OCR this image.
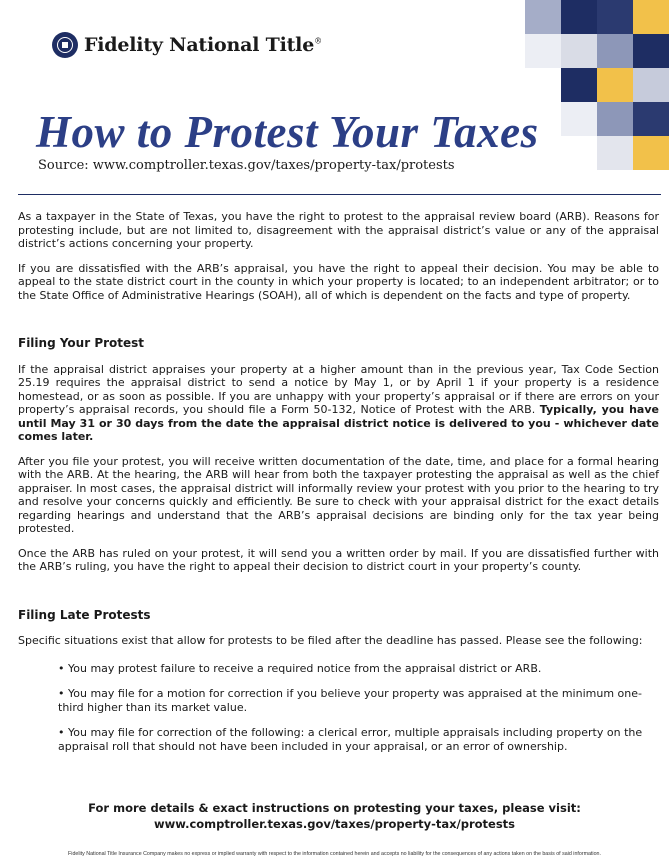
Fidelity National Title®
How to Protest Your Taxes
Source: www.comptroller.texas.gov/taxes/property-tax/protests

As a taxpayer in the State of Texas, you have the right to protest to the appraisal review board (ARB). Reasons for protesting include, but are not limited to, disagreement with the appraisal district’s value or any of the appraisal district’s actions concerning your property.

If you are dissatisfied with the ARB’s appraisal, you have the right to appeal their decision. You may be able to appeal to the state district court in the county in which your property is located; to an independent arbitrator; or to the State Office of Administrative Hearings (SOAH), all of which is dependent on the facts and type of property.

Filing Your Protest

If the appraisal district appraises your property at a higher amount than in the previous year, Tax Code Section 25.19 requires the appraisal district to send a notice by May 1, or by April 1 if your property is a residence homestead, or as soon as possible. If you are unhappy with your property’s appraisal or if there are errors on your property’s appraisal records, you should file a Form 50-132, Notice of Protest with the ARB. Typically, you have until May 31 or 30 days from the date the appraisal district notice is delivered to you - whichever date comes later.

After you file your protest, you will receive written documentation of the date, time, and place for a formal hearing with the ARB. At the hearing, the ARB will hear from both the taxpayer protesting the appraisal as well as the chief appraiser. In most cases, the appraisal district will informally review your protest with you prior to the hearing to try and resolve your concerns quickly and efficiently. Be sure to check with your appraisal district for the exact details regarding hearings and understand that the ARB’s appraisal decisions are binding only for the tax year being protested.

Once the ARB has ruled on your protest, it will send you a written order by mail. If you are dissatisfied further with the ARB’s ruling, you have the right to appeal their decision to district court in your property’s county.

Filing Late Protests

Specific situations exist that allow for protests to be filed after the deadline has passed. Please see the following:

• You may protest failure to receive a required notice from the appraisal district or ARB.
• You may file for a motion for correction if you believe your property was appraised at the minimum one-third higher than its market value.
• You may file for correction of the following: a clerical error, multiple appraisals including property on the appraisal roll that should not have been included in your appraisal, or an error of ownership.
For more details & exact instructions on protesting your taxes, please visit:
www.comptroller.texas.gov/taxes/property-tax/protests
Fidelity National Title Insurance Company makes no express or implied warranty with respect to the information contained herein and accepts no liability for the consequences of any actions taken on the basis of said information.
